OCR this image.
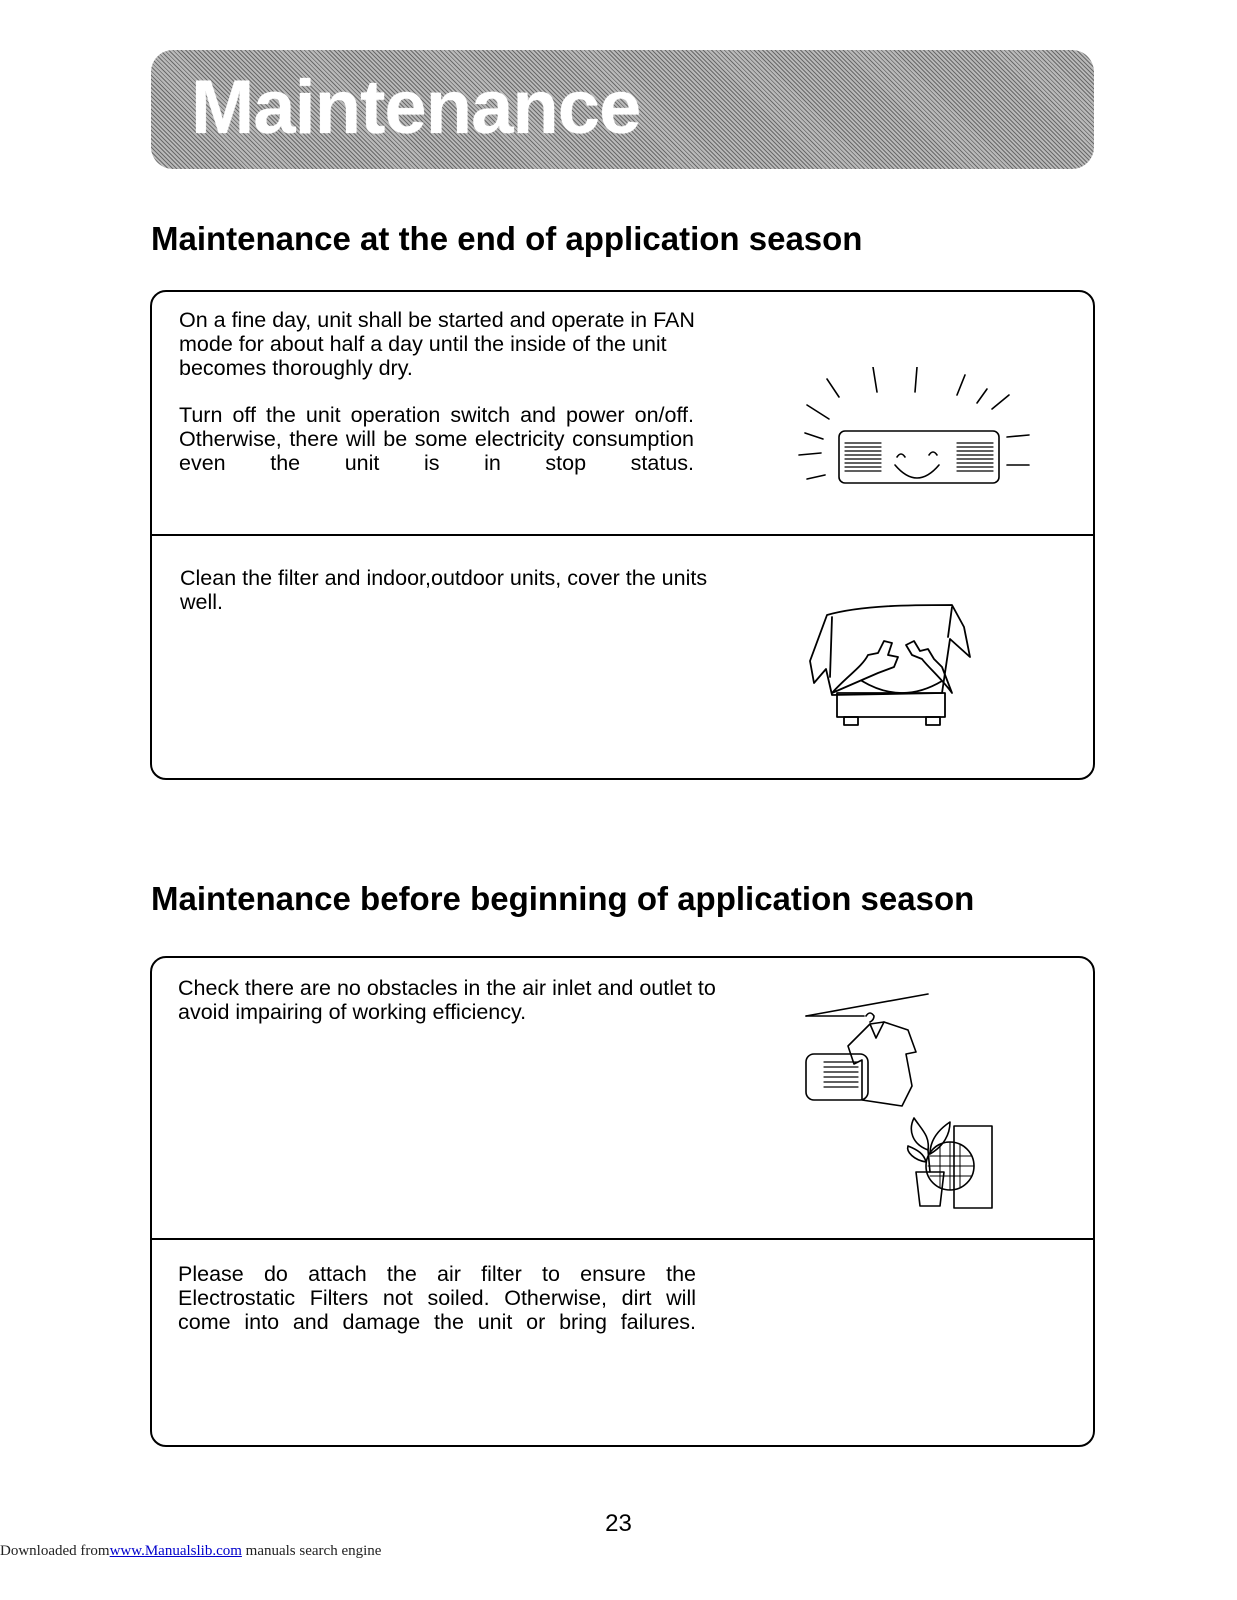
Maintenance
Maintenance at the end of application season
On a fine day, unit shall be started and operate in FAN mode for about half a day until the inside of the unit becomes thoroughly dry.
Turn off the unit operation switch and power on/off. Otherwise, there will be some electricity consumption even the unit is in stop status.
Clean the filter and indoor,outdoor units, cover the units well.
Maintenance before beginning of application season
Check there are no obstacles in the air inlet and outlet to avoid impairing of working efficiency.
Please do attach the air filter to ensure the Electrostatic Filters not soiled. Otherwise, dirt will come into and damage the unit or bring failures.
23
Downloaded fromwww.Manualslib.com manuals search engine
